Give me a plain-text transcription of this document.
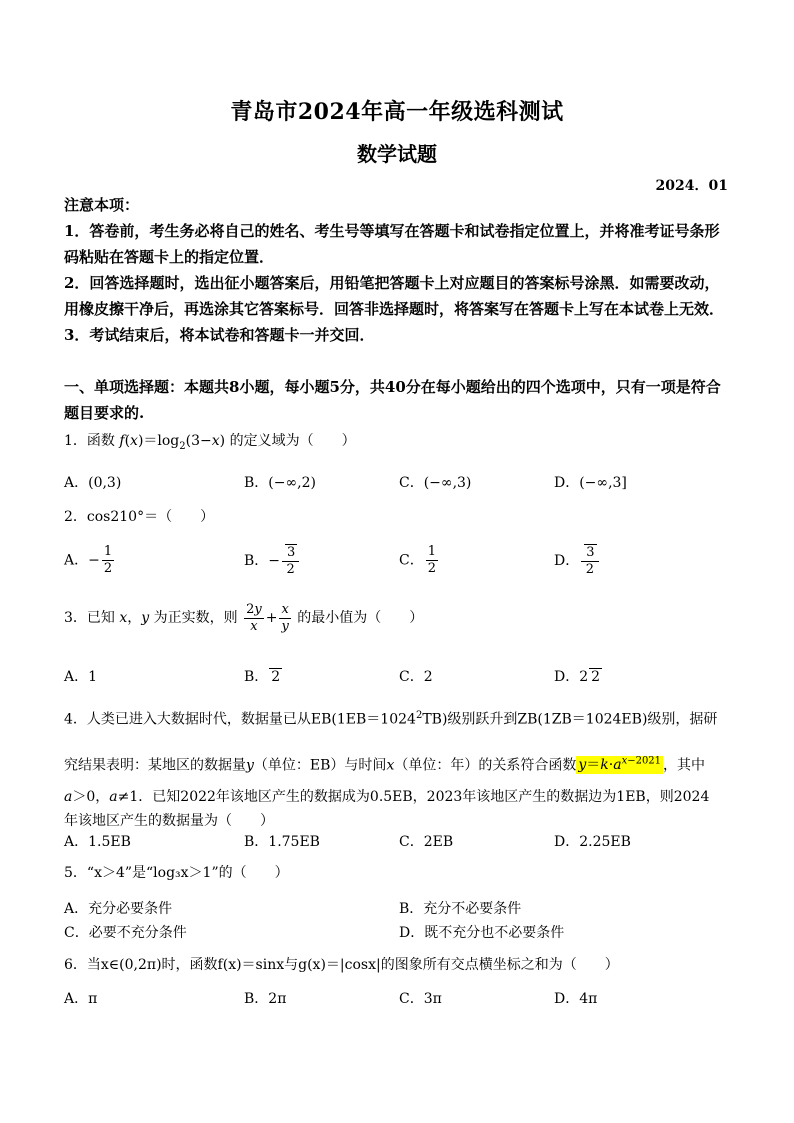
青岛市2024年高一年级选科测试
数学试题
2024．01

注意本项：

1．答卷前，考生务必将自己的姓名、考生号等填写在答题卡和试卷指定位置上，并将准考证号条形码粘贴在答题卡上的指定位置．

2．回答选择题时，选出征小题答案后，用铅笔把答题卡上对应题目的答案标号涂黑．如需要改动，用橡皮擦干净后，再选涂其它答案标号．回答非选择题时，将答案写在答题卡上写在本试卷上无效．

3．考试结束后，将本试卷和答题卡一并交回．

一、单项选择题：本题共8小题，每小题5分，共40分在每小题给出的四个选项中，只有一项是符合题目要求的.
1．函数 $f(x)=\log_2(3-x)$ 的定义域为（　　）
A．(0,3)	B．(−∞,2)	C．(−∞,3)	D．(−∞,3]
2．cos210°＝（　　）
A．− $\frac{1}{2}$	B．− $\frac{3}{2}$	C． $\frac{1}{2}$	D． $\frac{3}{2}$
3．已知 x，y 为正实数，则 $\frac{2y}{x} + \frac{x}{y}$ 的最小值为（　　）
A．1	B． 2	C．2	D．2 2
4．人类已进入大数据时代，数据量已从$EB(1EB=1024^2TB)$级别跃升到ZB(1ZB＝1024EB)级别，据研
究结果表明：某地区的数据量y（单位：EB）与时间x（单位：年）的关系符合函数 $y=k\cdot a^{x-2021}$ ，其中
a＞0，a≠1．已知2022年该地区产生的数据成为0.5EB，2023年该地区产生的数据边为1EB，则2024
年该地区产生的数据量为（　　）
A．1.5EB	B．1.75EB	C．2EB	D．2.25EB
5．“x＞4”是“log₃x＞1”的（　　）
A．充分必要条件	B．充分不必要条件
C．必要不充分条件	D．既不充分也不必要条件
6．当x∈(0,2π)时，函数f(x)＝sinx与g(x)＝|cosx|的图象所有交点横坐标之和为（　　）
A．π	B．2π	C．3π	D．4π
